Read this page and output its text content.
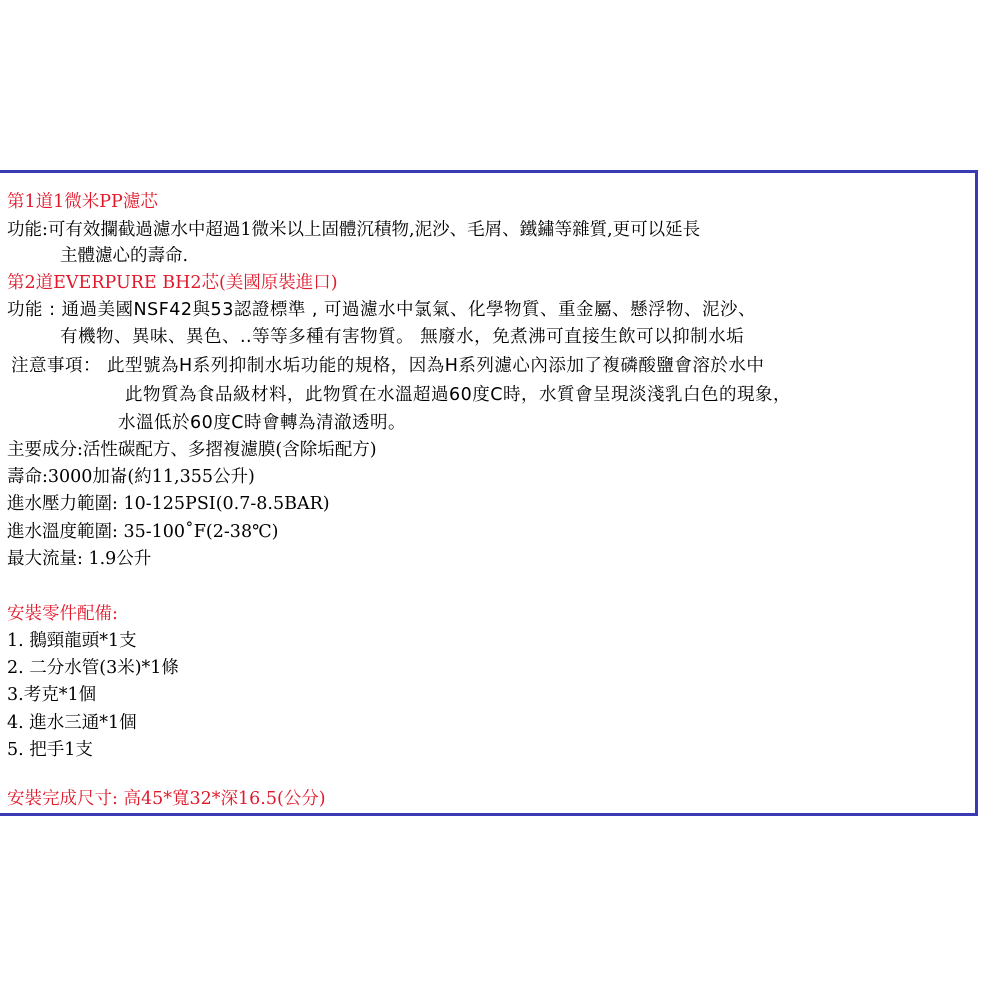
第1道1微米PP濾芯

功能:可有效攔截過濾水中超過1微米以上固體沉積物,泥沙、毛屑、鐵鏽等雜質,更可以延長

主體濾心的壽命.

第2道EVERPURE BH2芯(美國原裝進口)

功能 : 通過美國NSF42與53認證標準 , 可過濾水中氯氣、化學物質、重金屬、懸浮物、泥沙、

有機物、異味、異色、..等等多種有害物質。 無廢水，免煮沸可直接生飲可以抑制水垢

注意事項： 此型號為H系列抑制水垢功能的規格，因為H系列濾心內添加了複磷酸鹽會溶於水中

此物質為食品級材料，此物質在水溫超過60度C時，水質會呈現淡淺乳白色的現象，

水溫低於60度C時會轉為清澈透明。

主要成分:活性碳配方、多摺複濾膜(含除垢配方)

壽命:3000加崙(約11,355公升)

進水壓力範圍: 10-125PSI(0.7-8.5BAR)

進水溫度範圍: 35-100˚F(2-38℃)

最大流量: 1.9公升

安裝零件配備:

1. 鵝頸龍頭*1支

2. 二分水管(3米)*1條

3.考克*1個

4. 進水三通*1個

5. 把手1支

安裝完成尺寸: 高45*寬32*深16.5(公分)
